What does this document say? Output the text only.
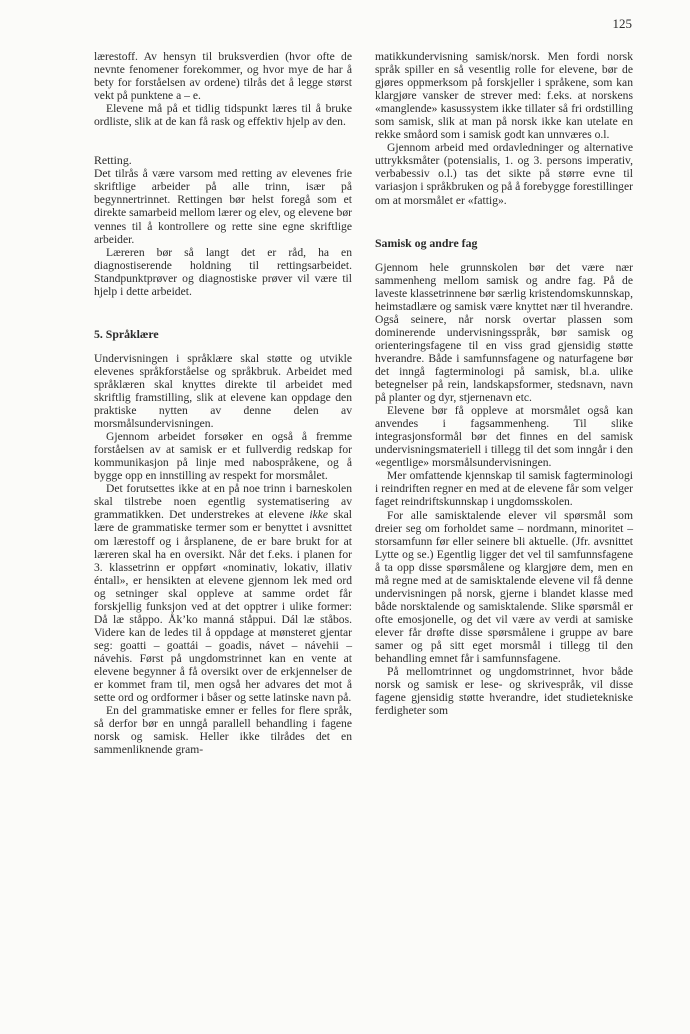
125

lærestoff. Av hensyn til bruksverdien (hvor ofte de nevnte fenomener forekommer, og hvor mye de har å bety for forståelsen av ordene) tilrås det å legge størst vekt på punktene a – e.

Elevene må på et tidlig tidspunkt læres til å bruke ordliste, slik at de kan få rask og effektiv hjelp av den.

Retting.

Det tilrås å være varsom med retting av elevenes frie skriftlige arbeider på alle trinn, især på begynnertrinnet. Rettingen bør helst foregå som et direkte samarbeid mellom lærer og elev, og elevene bør vennes til å kontrollere og rette sine egne skriftlige arbeider.

Læreren bør så langt det er råd, ha en diagnostiserende holdning til rettingsarbeidet. Standpunktprøver og diagnostiske prøver vil være til hjelp i dette arbeidet.

5. Språklære

Undervisningen i språklære skal støtte og utvikle elevenes språkforståelse og språkbruk. Arbeidet med språklæren skal knyttes direkte til arbeidet med skriftlig framstilling, slik at elevene kan oppdage den praktiske nytten av denne delen av morsmålsundervisningen.

Gjennom arbeidet forsøker en også å fremme forståelsen av at samisk er et fullverdig redskap for kommunikasjon på linje med nabospråkene, og å bygge opp en innstilling av respekt for morsmålet.

Det forutsettes ikke at en på noe trinn i barneskolen skal tilstrebe noen egentlig systematisering av grammatikken. Det understrekes at elevene ikke skal lære de grammatiske termer som er benyttet i avsnittet om lærestoff og i årsplanene, de er bare brukt for at læreren skal ha en oversikt. Når det f.eks. i planen for 3. klassetrinn er oppført «nominativ, lokativ, illativ éntall», er hensikten at elevene gjennom lek med ord og setninger skal oppleve at samme ordet får forskjellig funksjon ved at det opptrer i ulike former: Då læ ståppo. Åk’ko manná ståppui. Dál læ ståbos. Videre kan de ledes til å oppdage at mønsteret gjentar seg: goatti – goattái – goadis, návet – návehii – návehis. Først på ungdomstrinnet kan en vente at elevene begynner å få oversikt over de erkjennelser de er kommet fram til, men også her advares det mot å sette ord og ordformer i båser og sette latinske navn på.

En del grammatiske emner er felles for flere språk, så derfor bør en unngå parallell behandling i fagene norsk og samisk. Heller ikke tilrådes det en sammenliknende gram-

matikkundervisning samisk/norsk. Men fordi norsk språk spiller en så vesentlig rolle for elevene, bør de gjøres oppmerksom på forskjeller i språkene, som kan klargjøre vansker de strever med: f.eks. at norskens «manglende» kasussystem ikke tillater så fri ordstilling som samisk, slik at man på norsk ikke kan utelate en rekke småord som i samisk godt kan unnværes o.l.

Gjennom arbeid med ordavledninger og alternative uttrykksmåter (potensialis, 1. og 3. persons imperativ, verbabessiv o.l.) tas det sikte på større evne til variasjon i språkbruken og på å forebygge forestillinger om at morsmålet er «fattig».

Samisk og andre fag

Gjennom hele grunnskolen bør det være nær sammenheng mellom samisk og andre fag. På de laveste klassetrinnene bør særlig kristendomskunnskap, heimstadlære og samisk være knyttet nær til hverandre. Også seinere, når norsk overtar plassen som dominerende undervisningsspråk, bør samisk og orienteringsfagene til en viss grad gjensidig støtte hverandre. Både i samfunnsfagene og naturfagene bør det inngå fagterminologi på samisk, bl.a. ulike betegnelser på rein, landskapsformer, stedsnavn, navn på planter og dyr, stjernenavn etc.

Elevene bør få oppleve at morsmålet også kan anvendes i fagsammenheng. Til slike integrasjonsformål bør det finnes en del samisk undervisningsmateriell i tillegg til det som inngår i den «egentlige» morsmålsundervisningen.

Mer omfattende kjennskap til samisk fagterminologi i reindriften regner en med at de elevene får som velger faget reindriftskunnskap i ungdomsskolen.

For alle samisktalende elever vil spørsmål som dreier seg om forholdet same – nordmann, minoritet – storsamfunn før eller seinere bli aktuelle. (Jfr. avsnittet Lytte og se.) Egentlig ligger det vel til samfunnsfagene å ta opp disse spørsmålene og klargjøre dem, men en må regne med at de samisktalende elevene vil få denne undervisningen på norsk, gjerne i blandet klasse med både norsktalende og samisktalende. Slike spørsmål er ofte emosjonelle, og det vil være av verdi at samiske elever får drøfte disse spørsmålene i gruppe av bare samer og på sitt eget morsmål i tillegg til den behandling emnet får i samfunnsfagene.

På mellomtrinnet og ungdomstrinnet, hvor både norsk og samisk er lese- og skrivespråk, vil disse fagene gjensidig støtte hverandre, idet studietekniske ferdigheter som
